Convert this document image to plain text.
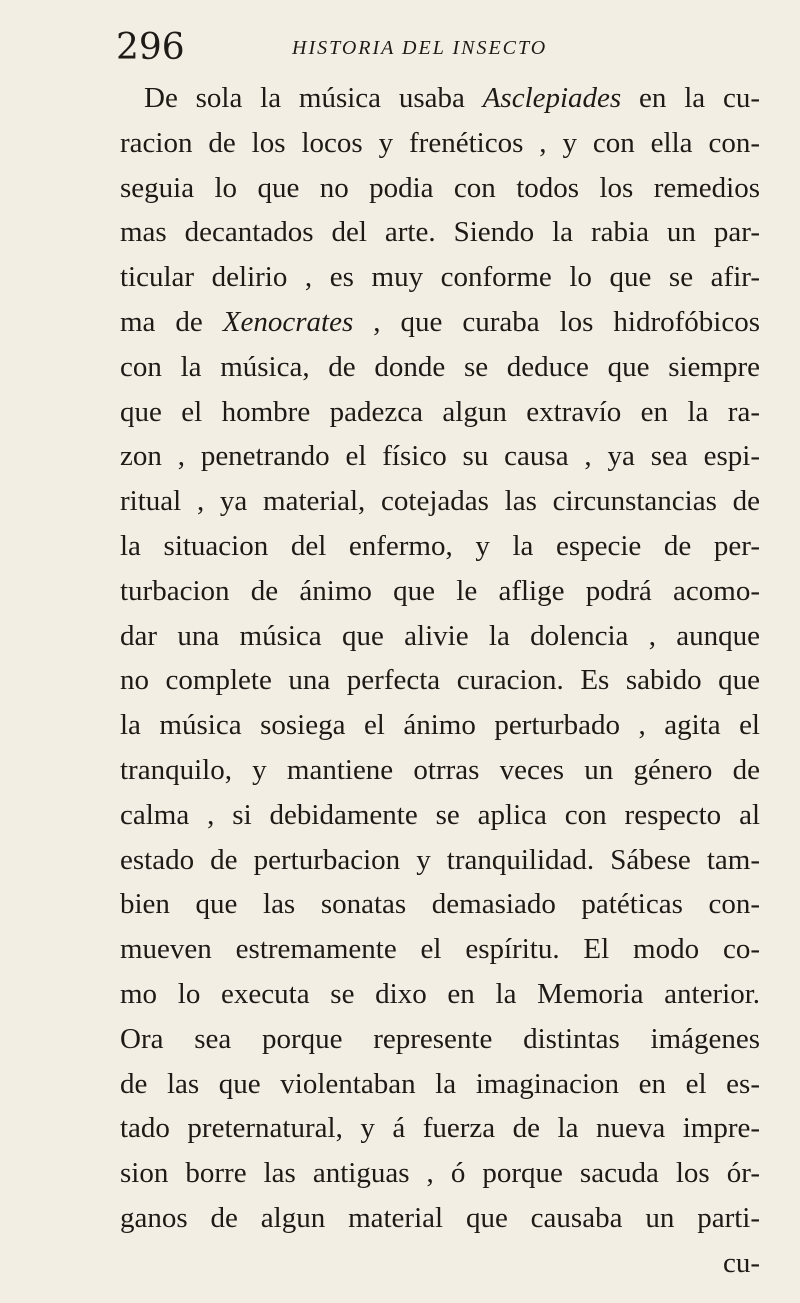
296	HISTORIA DEL INSECTO
De sola la música usaba Asclepiades en la cu-
racion de los locos y frenéticos , y con ella con-
seguia lo que no podia con todos los remedios
mas decantados del arte. Siendo la rabia un par-
ticular delirio , es muy conforme lo que se afir-
ma de Xenocrates , que curaba los hidrofóbicos
con la música, de donde se deduce que siempre
que el hombre padezca algun extravío en la ra-
zon , penetrando el físico su causa , ya sea espi-
ritual , ya material, cotejadas las circunstancias de
la situacion del enfermo, y la especie de per-
turbacion de ánimo que le aflige podrá acomo-
dar una música que alivie la dolencia , aunque
no complete una perfecta curacion. Es sabido que
la música sosiega el ánimo perturbado , agita el
tranquilo, y mantiene otrras veces un género de
calma , si debidamente se aplica con respecto al
estado de perturbacion y tranquilidad. Sábese tam-
bien que las sonatas demasiado patéticas con-
mueven estremamente el espíritu. El modo co-
mo lo executa se dixo en la Memoria anterior.
Ora sea porque represente distintas imágenes
de las que violentaban la imaginacion en el es-
tado preternatural, y á fuerza de la nueva impre-
sion borre las antiguas , ó porque sacuda los ór-
ganos de algun material que causaba un parti-
cu-
